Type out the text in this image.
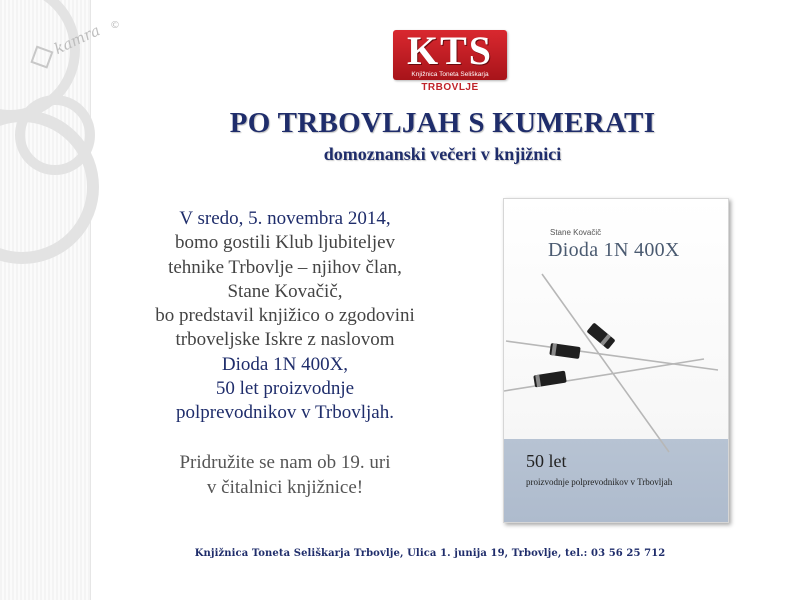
kamra ©
KTS
Knjižnica Toneta Seliškarja
TRBOVLJE
PO TRBOVLJAH S KUMERATI
domoznanski večeri v knjižnici
V sredo, 5. novembra 2014,
bomo gostili Klub ljubiteljev
tehnike Trbovlje – njihov član,
Stane Kovačič,
bo predstavil knjižico o zgodovini
trboveljske Iskre z naslovom
Dioda 1N 400X,
50 let proizvodnje
polprevodnikov v Trbovljah.
Pridružite se nam ob 19. uri
v čitalnici knjižnice!
Stane Kovačič
Dioda 1N 400X
50 let
proizvodnje polprevodnikov v Trbovljah
Knjižnica Toneta Seliškarja Trbovlje, Ulica 1. junija 19, Trbovlje, tel.: 03 56 25 712
